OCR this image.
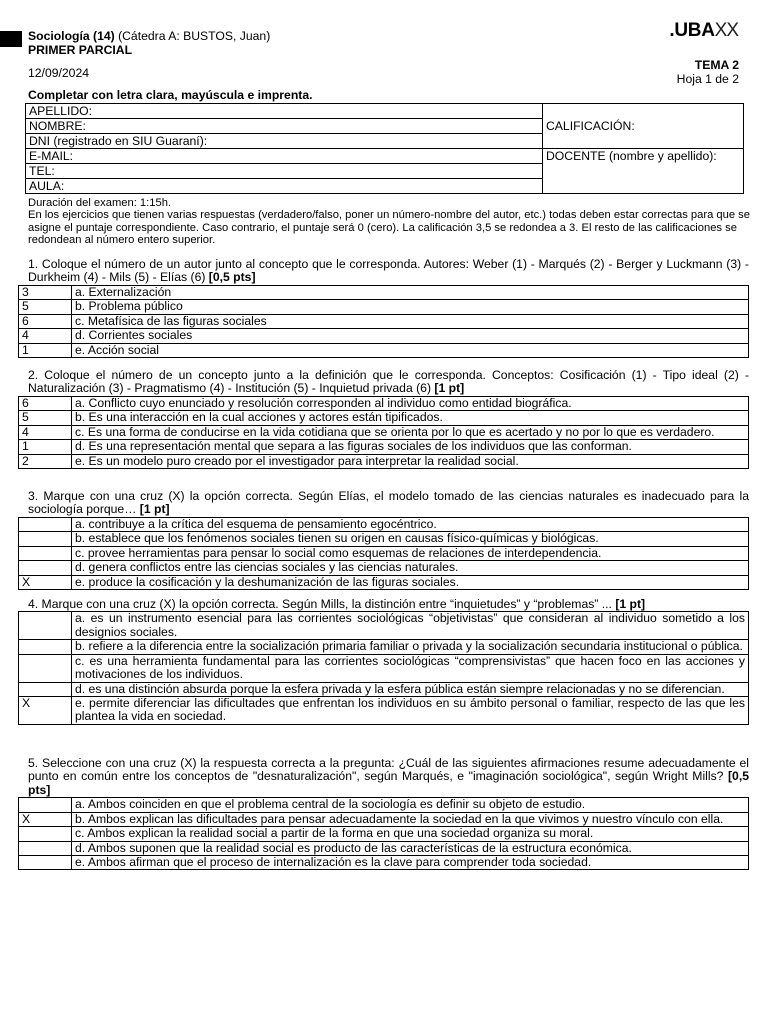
Sociología (14) (Cátedra A: BUSTOS, Juan)
PRIMER PARCIAL
.UBAXX
12/09/2024
TEMA 2
Hoja 1 de 2
Completar con letra clara, mayúscula e imprenta.
APELLIDO:	CALIFICACIÓN:
NOMBRE:	
DNI (registrado en SIU Guaraní):	
E-MAIL:	DOCENTE (nombre y apellido):
TEL:	
AULA:	
Duración del examen: 1:15h.
En los ejercicios que tienen varias respuestas (verdadero/falso, poner un número-nombre del autor, etc.) todas deben estar correctas para que se asigne el puntaje correspondiente. Caso contrario, el puntaje será 0 (cero). La calificación 3,5 se redondea a 3. El resto de las calificaciones se redondean al número entero superior.
1. Coloque el número de un autor junto al concepto que le corresponda. Autores: Weber (1) - Marqués (2) - Berger y Luckmann (3) - Durkheim (4) - Mils (5) - Elías (6) [0,5 pts]
3	a. Externalización
5	b. Problema público
6	c. Metafísica de las figuras sociales
4	d. Corrientes sociales
1	e. Acción social
2. Coloque el número de un concepto junto a la definición que le corresponda. Conceptos: Cosificación (1) - Tipo ideal (2) - Naturalización (3) - Pragmatismo (4) - Institución (5) - Inquietud privada (6) [1 pt]
6	a. Conflicto cuyo enunciado y resolución corresponden al individuo como entidad biográfica.
5	b. Es una interacción en la cual acciones y actores están tipificados.
4	c. Es una forma de conducirse en la vida cotidiana que se orienta por lo que es acertado y no por lo que es verdadero.
1	d. Es una representación mental que separa a las figuras sociales de los individuos que las conforman.
2	e. Es un modelo puro creado por el investigador para interpretar la realidad social.
3. Marque con una cruz (X) la opción correcta. Según Elías, el modelo tomado de las ciencias naturales es inadecuado para la sociología porque… [1 pt]
	a. contribuye a la crítica del esquema de pensamiento egocéntrico.
	b. establece que los fenómenos sociales tienen su origen en causas físico-químicas y biológicas.
	c. provee herramientas para pensar lo social como esquemas de relaciones de interdependencia.
	d. genera conflictos entre las ciencias sociales y las ciencias naturales.
X	e. produce la cosificación y la deshumanización de las figuras sociales.
4. Marque con una cruz (X) la opción correcta. Según Mills, la distinción entre “inquietudes” y “problemas” ... [1 pt]
	a. es un instrumento esencial para las corrientes sociológicas “objetivistas” que consideran al individuo sometido a los designios sociales.
	b. refiere a la diferencia entre la socialización primaria familiar o privada y la socialización secundaria institucional o pública.
	c. es una herramienta fundamental para las corrientes sociológicas “comprensivistas” que hacen foco en las acciones y motivaciones de los individuos.
	d. es una distinción absurda porque la esfera privada y la esfera pública están siempre relacionadas y no se diferencian.
X	e. permite diferenciar las dificultades que enfrentan los individuos en su ámbito personal o familiar, respecto de las que les plantea la vida en sociedad.
5. Seleccione con una cruz (X) la respuesta correcta a la pregunta: ¿Cuál de las siguientes afirmaciones resume adecuadamente el punto en común entre los conceptos de "desnaturalización", según Marqués, e "imaginación sociológica", según Wright Mills? [0,5 pts]
	a. Ambos coinciden en que el problema central de la sociología es definir su objeto de estudio.
X	b. Ambos explican las dificultades para pensar adecuadamente la sociedad en la que vivimos y nuestro vínculo con ella.
	c. Ambos explican la realidad social a partir de la forma en que una sociedad organiza su moral.
	d. Ambos suponen que la realidad social es producto de las características de la estructura económica.
	e. Ambos afirman que el proceso de internalización es la clave para comprender toda sociedad.
